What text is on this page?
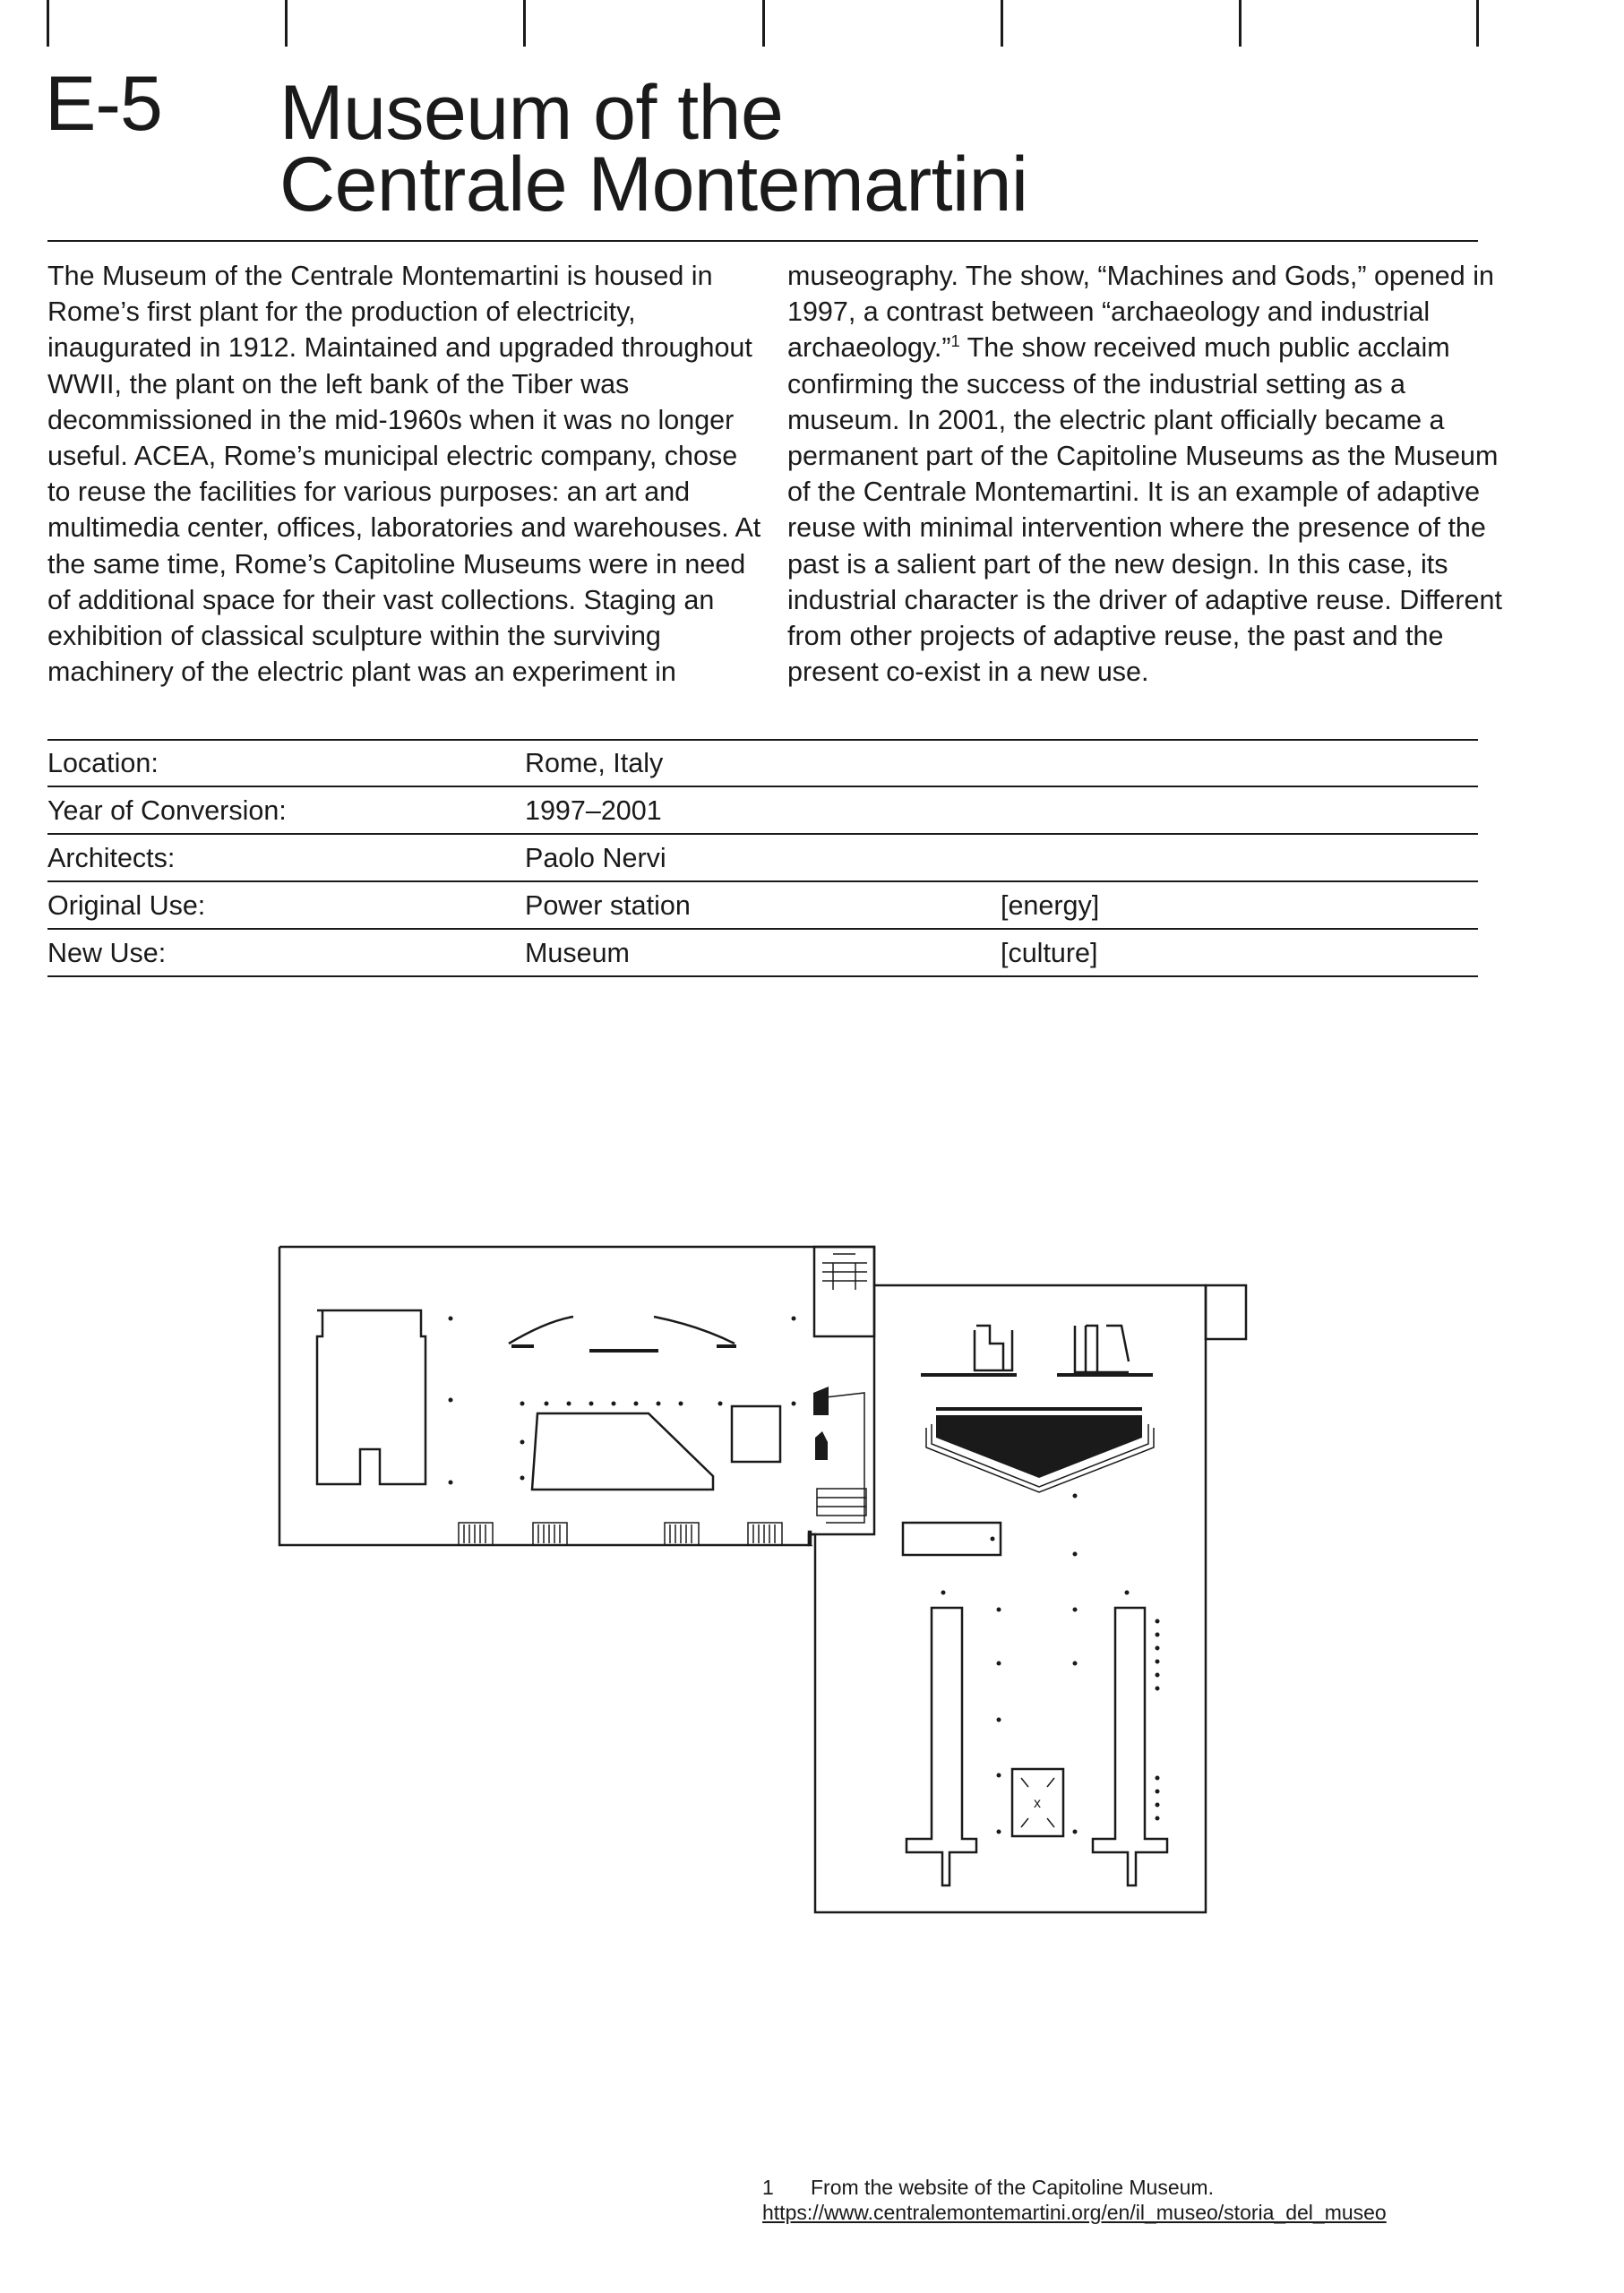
E-5 Museum of the
Centrale Montemartini

The Museum of the Centrale Montemartini is housed in Rome’s first plant for the production of electricity, inaugurated in 1912. Maintained and upgraded throughout WWII, the plant on the left bank of the Tiber was decommissioned in the mid-1960s when it was no longer useful. ACEA, Rome’s municipal electric company, chose to reuse the facilities for various purposes: an art and multimedia center, offices, laboratories and warehouses. At the same time, Rome’s Capitoline Museums were in need of additional space for their vast collections. Staging an exhibition of classical sculpture within the surviving machinery of the electric plant was an experiment in

museography. The show, “Machines and Gods,” opened in 1997, a contrast between “archaeology and industrial archaeology.”$^1$ The show received much public acclaim confirming the success of the industrial setting as a museum. In 2001, the electric plant officially became a permanent part of the Capitoline Museums as the Museum of the Centrale Montemartini. It is an example of adaptive reuse with minimal intervention where the presence of the past is a salient part of the new design. In this case, its industrial character is the driver of adaptive reuse. Different from other projects of adaptive reuse, the past and the present co-exist in a new use.

Location:	Rome, Italy
Year of Conversion:	1997–2001
Architects:	Paolo Nervi
Original Use:	Power station	[energy]
New Use:	Museum	[culture]
x
1 From the website of the Capitoline Museum.
https://www.centralemontemartini.org/en/il_museo/storia_del_museo
